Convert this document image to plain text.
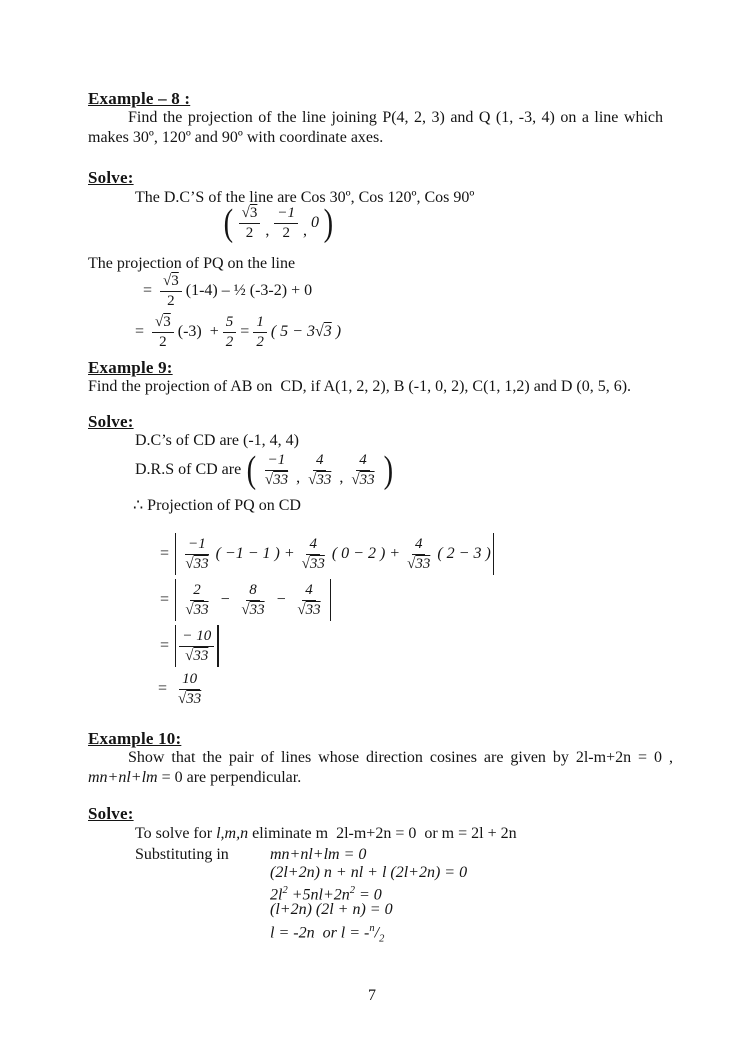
Example – 8 :
Find the projection of the line joining P(4, 2, 3) and Q (1, -3, 4) on a line which
makes 30º, 120º and 90º with coordinate axes.
Solve:
The D.C’S of the line are Cos 30º, Cos 120º, Cos 90º
( $\frac{√3}{2}$ , $\frac{-1}{2}$ , 0 )
The projection of PQ on the line
= $\frac{√3}{2} (1-4)$ – ½ (-3-2) + 0
= $\frac{√3}{2} (-3) + \frac{5}{2} = \frac{1}{2}$ ( 5 − 3 √ 3 )
Example 9:
Find the projection of AB on  CD, if A(1, 2, 2), B (-1, 0, 2), C(1, 1,2) and D (0, 5, 6).
Solve:
D.C’s of CD are (-1, 4, 4)
D.R.S of CD are ( $\frac{-1}{√33}$ , $\frac{4}{√33}$ , $\frac{4}{√33}$ )
∴ Projection of PQ on CD
= $\frac{-1}{√33}$ ( −1 − 1 ) + $\frac{4}{√33}$ ( 0 − 2 ) + $\frac{4}{√33}$ ( 2 − 3 )
= $\frac{2}{√33} - \frac{8}{√33} - \frac{4}{√33}$
= $\frac{- 10}{√33}$
= $\frac{10}{√33}$
Example 10:
Show that the pair of lines whose direction cosines are given by 2l-m+2n = 0 ,
mn+nl+lm = 0 are perpendicular.
Solve:
To solve for l,m,n eliminate m  2l-m+2n = 0  or m = 2l + 2n
Substituting in	mn+nl+lm = 0
(2l+2n) n + nl + l (2l+2n) = 0
$2l^2 +5nl+2n^2 = 0$
(l+2n) (2l + n) = 0
l = -2n  or $l = -^n/_2$
7
